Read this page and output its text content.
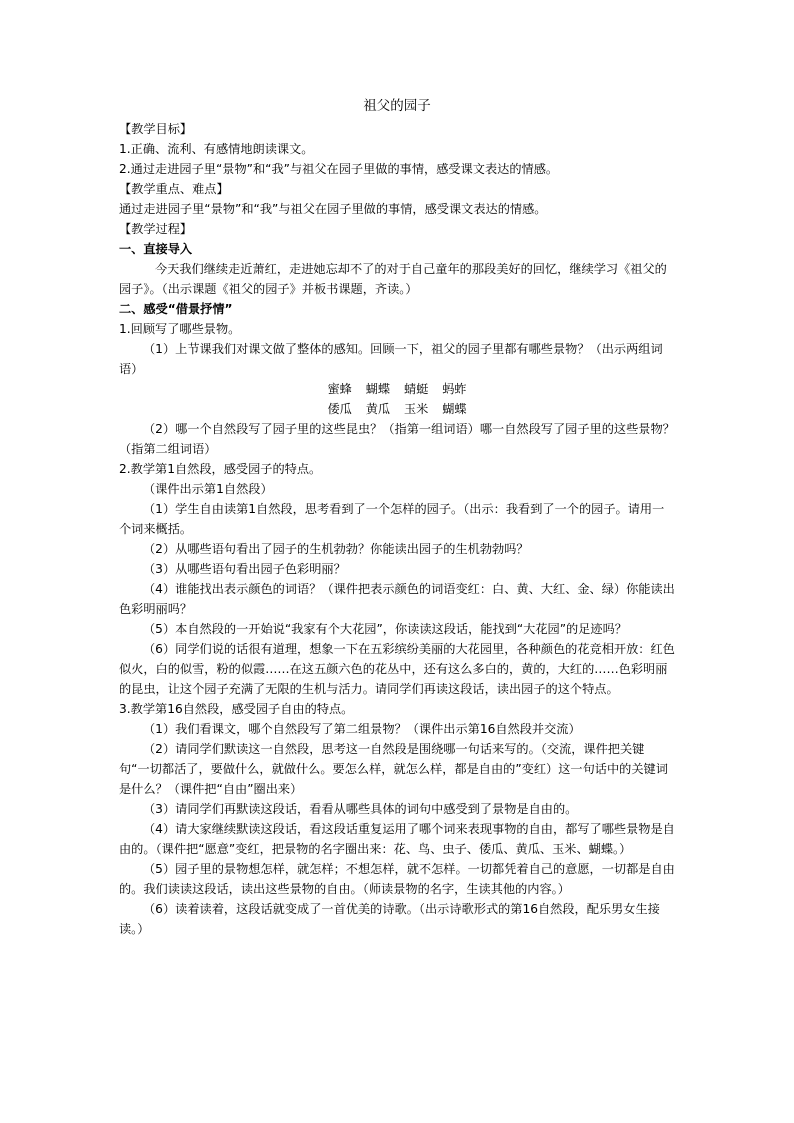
祖父的园子

【教学目标】

1.正确、流利、有感情地朗读课文。

2.通过走进园子里“景物”和“我”与祖父在园子里做的事情，感受课文表达的情感。

【教学重点、难点】

通过走进园子里“景物”和“我”与祖父在园子里做的事情，感受课文表达的情感。

【教学过程】

一、直接导入

今天我们继续走近萧红，走进她忘却不了的对于自己童年的那段美好的回忆，继续学习《祖父的园子》。（出示课题《祖父的园子》并板书课题，齐读。）

二、感受“借景抒情”

1.回顾写了哪些景物。

（1）上节课我们对课文做了整体的感知。回顾一下，祖父的园子里都有哪些景物？（出示两组词语）

蜜蜂 蝴蝶 蜻蜓 蚂蚱

倭瓜 黄瓜 玉米 蝴蝶

（2）哪一个自然段写了园子里的这些昆虫？（指第一组词语）哪一自然段写了园子里的这些景物？（指第二组词语）

2.教学第1自然段，感受园子的特点。

（课件出示第1自然段）

（1）学生自由读第1自然段，思考看到了一个怎样的园子。（出示：我看到了一个的园子。请用一个词来概括。

（2）从哪些语句看出了园子的生机勃勃？你能读出园子的生机勃勃吗？

（3）从哪些语句看出园子色彩明丽？

（4）谁能找出表示颜色的词语？（课件把表示颜色的词语变红：白、黄、大红、金、绿）你能读出色彩明丽吗？

（5）本自然段的一开始说“我家有个大花园”，你读读这段话，能找到“大花园”的足迹吗？

（6）同学们说的话很有道理，想象一下在五彩缤纷美丽的大花园里，各种颜色的花竞相开放：红色似火，白的似雪，粉的似霞……在这五颜六色的花丛中，还有这么多白的，黄的，大红的……色彩明丽的昆虫，让这个园子充满了无限的生机与活力。请同学们再读这段话，读出园子的这个特点。

3.教学第16自然段，感受园子自由的特点。

（1）我们看课文，哪个自然段写了第二组景物？（课件出示第16自然段并交流）

（2）请同学们默读这一自然段，思考这一自然段是围绕哪一句话来写的。（交流，课件把关键句“一切都活了，要做什么，就做什么。要怎么样，就怎么样，都是自由的”变红）这一句话中的关键词是什么？（课件把“自由”圈出来）

（3）请同学们再默读这段话，看看从哪些具体的词句中感受到了景物是自由的。

（4）请大家继续默读这段话，看这段话重复运用了哪个词来表现事物的自由，都写了哪些景物是自由的。（课件把“愿意”变红，把景物的名字圈出来：花、鸟、虫子、倭瓜、黄瓜、玉米、蝴蝶。）

（5）园子里的景物想怎样，就怎样；不想怎样，就不怎样。一切都凭着自己的意愿，一切都是自由的。我们读读这段话，读出这些景物的自由。（师读景物的名字，生读其他的内容。）

（6）读着读着，这段话就变成了一首优美的诗歌。（出示诗歌形式的第16自然段，配乐男女生接读。）
